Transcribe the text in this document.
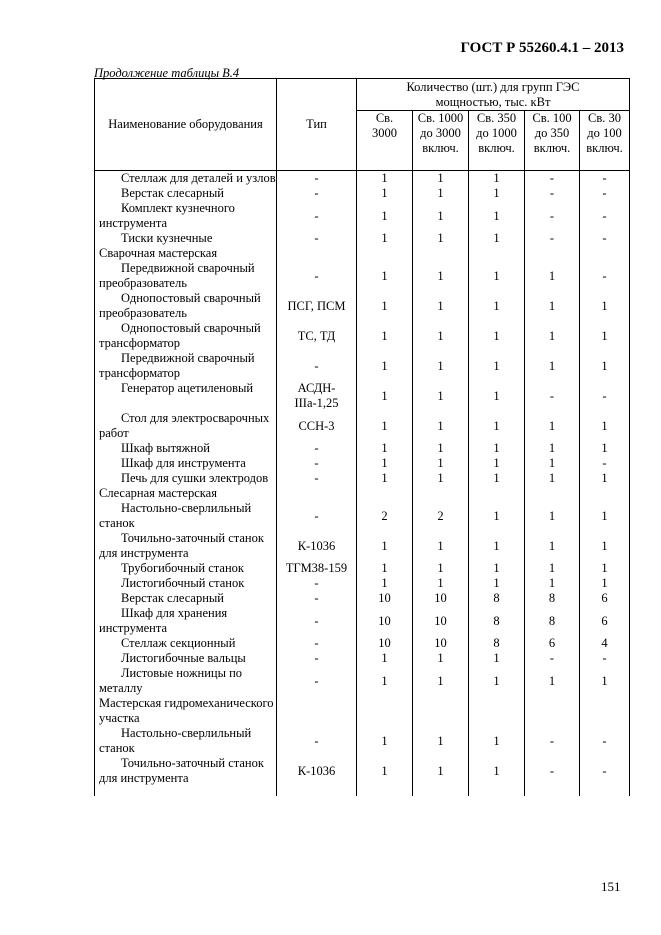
ГОСТ Р 55260.4.1 – 2013
Продолжение таблицы В.4
Наименование оборудования	Тип	Количество (шт.) для групп ГЭС мощностью, тыс. кВт				
		Св. 3000	Св. 1000 до 3000 включ.	Св. 350 до 1000 включ.	Св. 100 до 350 включ.	Св. 30 до 100 включ.

Стеллаж для деталей и узлов	-	1	1	1	-	-

Верстак слесарный	-	1	1	1	-	-

Комплект кузнечного инструмента	-	1	1	1	-	-

Тиски кузнечные	-	1	1	1	-	-
Сварочная мастерская						

Передвижной сварочный преобразователь	-	1	1	1	1	-

Однопостовый сварочный преобразователь	ПСГ, ПСМ	1	1	1	1	1

Однопостовый сварочный трансформатор	ТС, ТД	1	1	1	1	1

Передвижной сварочный трансформатор	-	1	1	1	1	1

Генератор ацетиленовый	АСДН-IIIа-1,25	1	1	1	-	-

Стол для электросварочных работ	ССН-3	1	1	1	1	1

Шкаф вытяжной	-	1	1	1	1	1

Шкаф для инструмента	-	1	1	1	1	-

Печь для сушки электродов	-	1	1	1	1	1
Слесарная мастерская						

Настольно-сверлильный станок	-	2	2	1	1	1

Точильно-заточный станок для инструмента	К-1036	1	1	1	1	1

Трубогибочный станок	ТГМ38-159	1	1	1	1	1

Листогибочный станок	-	1	1	1	1	1

Верстак слесарный	-	10	10	8	8	6

Шкаф для хранения инструмента	-	10	10	8	8	6

Стеллаж секционный	-	10	10	8	6	4

Листогибочные вальцы	-	1	1	1	-	-

Листовые ножницы по металлу	-	1	1	1	1	1
Мастерская гидромеханического участка						

Настольно-сверлильный станок	-	1	1	1	-	-

Точильно-заточный станок для инструмента	К-1036	1	1	1	-	-

151
